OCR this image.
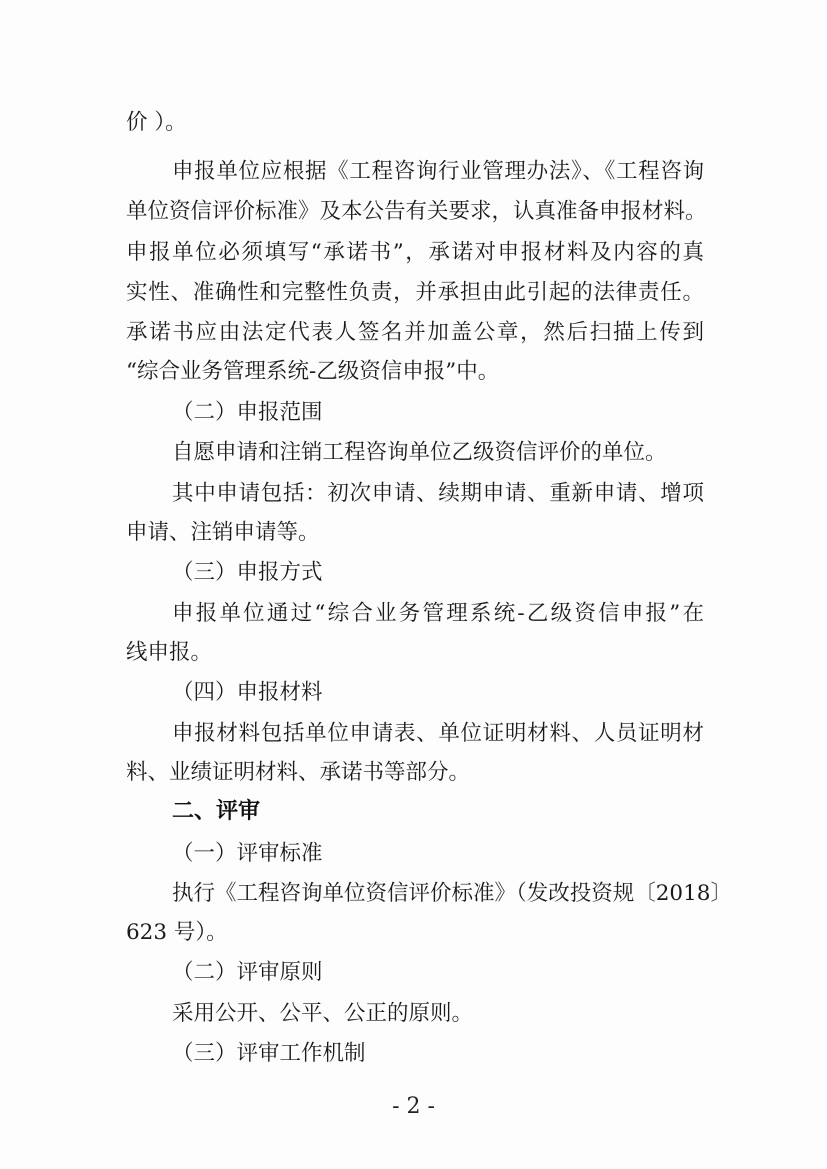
价 ）。
申报单位应根据《工程咨询行业管理办法》、《工程咨询
单位资信评价标准》及本公告有关要求，认真准备申报材料。
申报单位必须填写“承诺书”，承诺对申报材料及内容的真
实性、准确性和完整性负责，并承担由此引起的法律责任。
承诺书应由法定代表人签名并加盖公章，然后扫描上传到
“综合业务管理系统-乙级资信申报”中。
（二）申报范围
自愿申请和注销工程咨询单位乙级资信评价的单位。
其中申请包括：初次申请、续期申请、重新申请、增项
申请、注销申请等。
（三）申报方式
申报单位通过“综合业务管理系统-乙级资信申报”在
线申报。
（四）申报材料
申报材料包括单位申请表、单位证明材料、人员证明材
料、业绩证明材料、承诺书等部分。
二、评审
（一）评审标准
执行《工程咨询单位资信评价标准》（发改投资规〔2018〕
623 号）。
（二）评审原则
采用公开、公平、公正的原则。
（三）评审工作机制
- 2 -
